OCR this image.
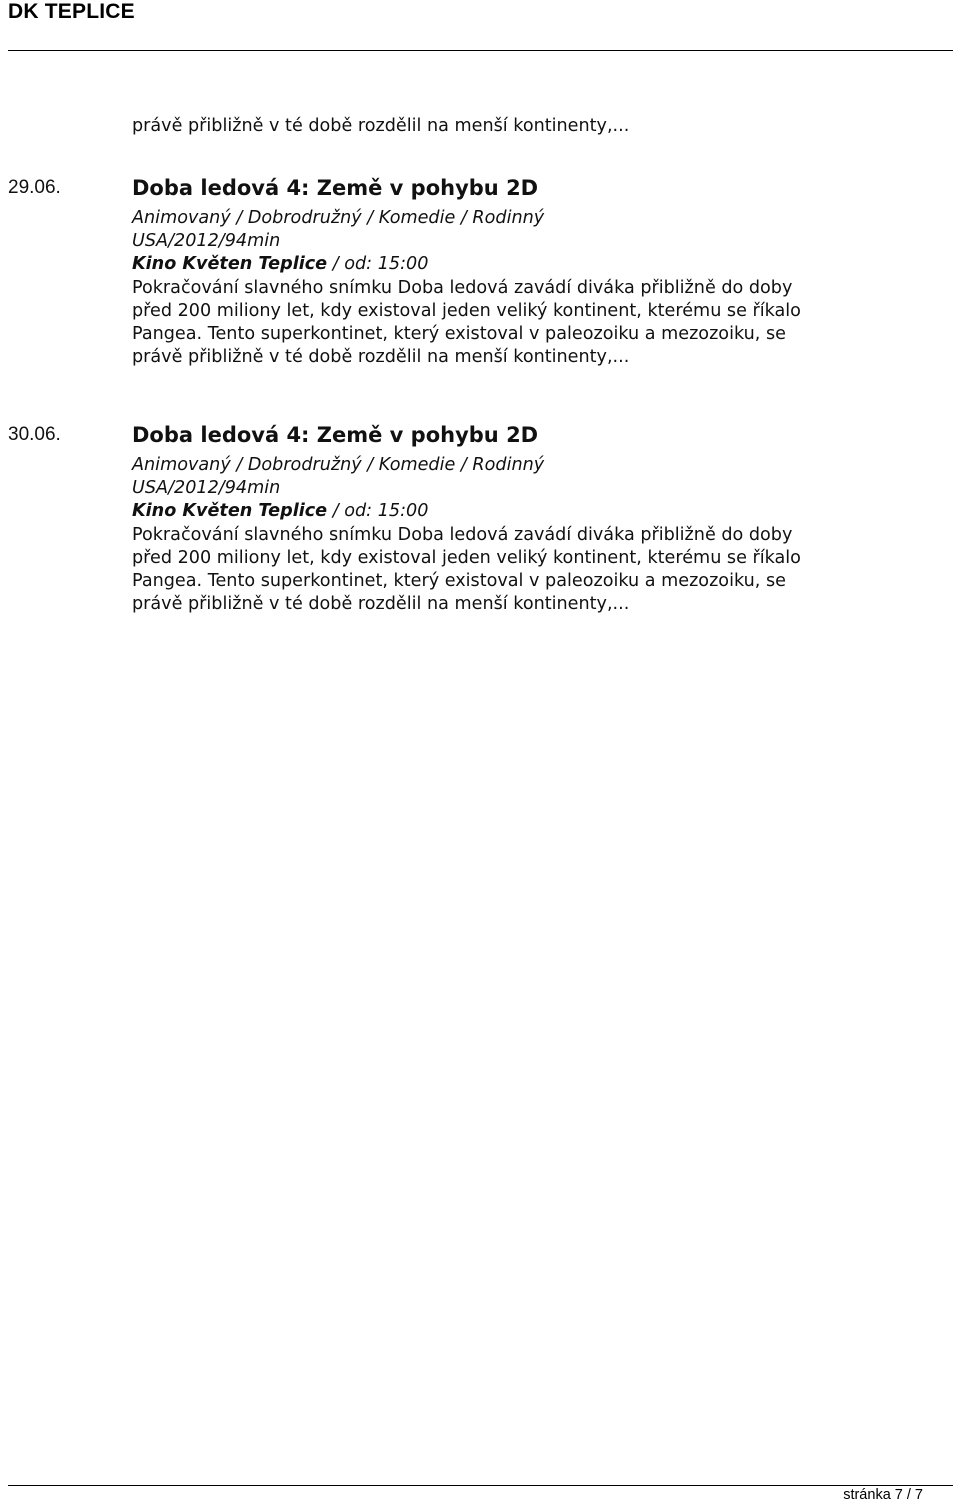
DK TEPLICE
právě přibližně v té době rozdělil na menší kontinenty,...
29.06.	Doba ledová 4: Země v pohybu 2D
Animovaný / Dobrodružný / Komedie / Rodinný
USA/2012/94min
Kino Květen Teplice / od: 15:00
Pokračování slavného snímku Doba ledová zavádí diváka přibližně do doby
před 200 miliony let, kdy existoval jeden veliký kontinent, kterému se říkalo
Pangea. Tento superkontinet, který existoval v paleozoiku a mezozoiku, se
právě přibližně v té době rozdělil na menší kontinenty,...
30.06.	Doba ledová 4: Země v pohybu 2D
Animovaný / Dobrodružný / Komedie / Rodinný
USA/2012/94min
Kino Květen Teplice / od: 15:00
Pokračování slavného snímku Doba ledová zavádí diváka přibližně do doby
před 200 miliony let, kdy existoval jeden veliký kontinent, kterému se říkalo
Pangea. Tento superkontinet, který existoval v paleozoiku a mezozoiku, se
právě přibližně v té době rozdělil na menší kontinenty,...
stránka 7 / 7
